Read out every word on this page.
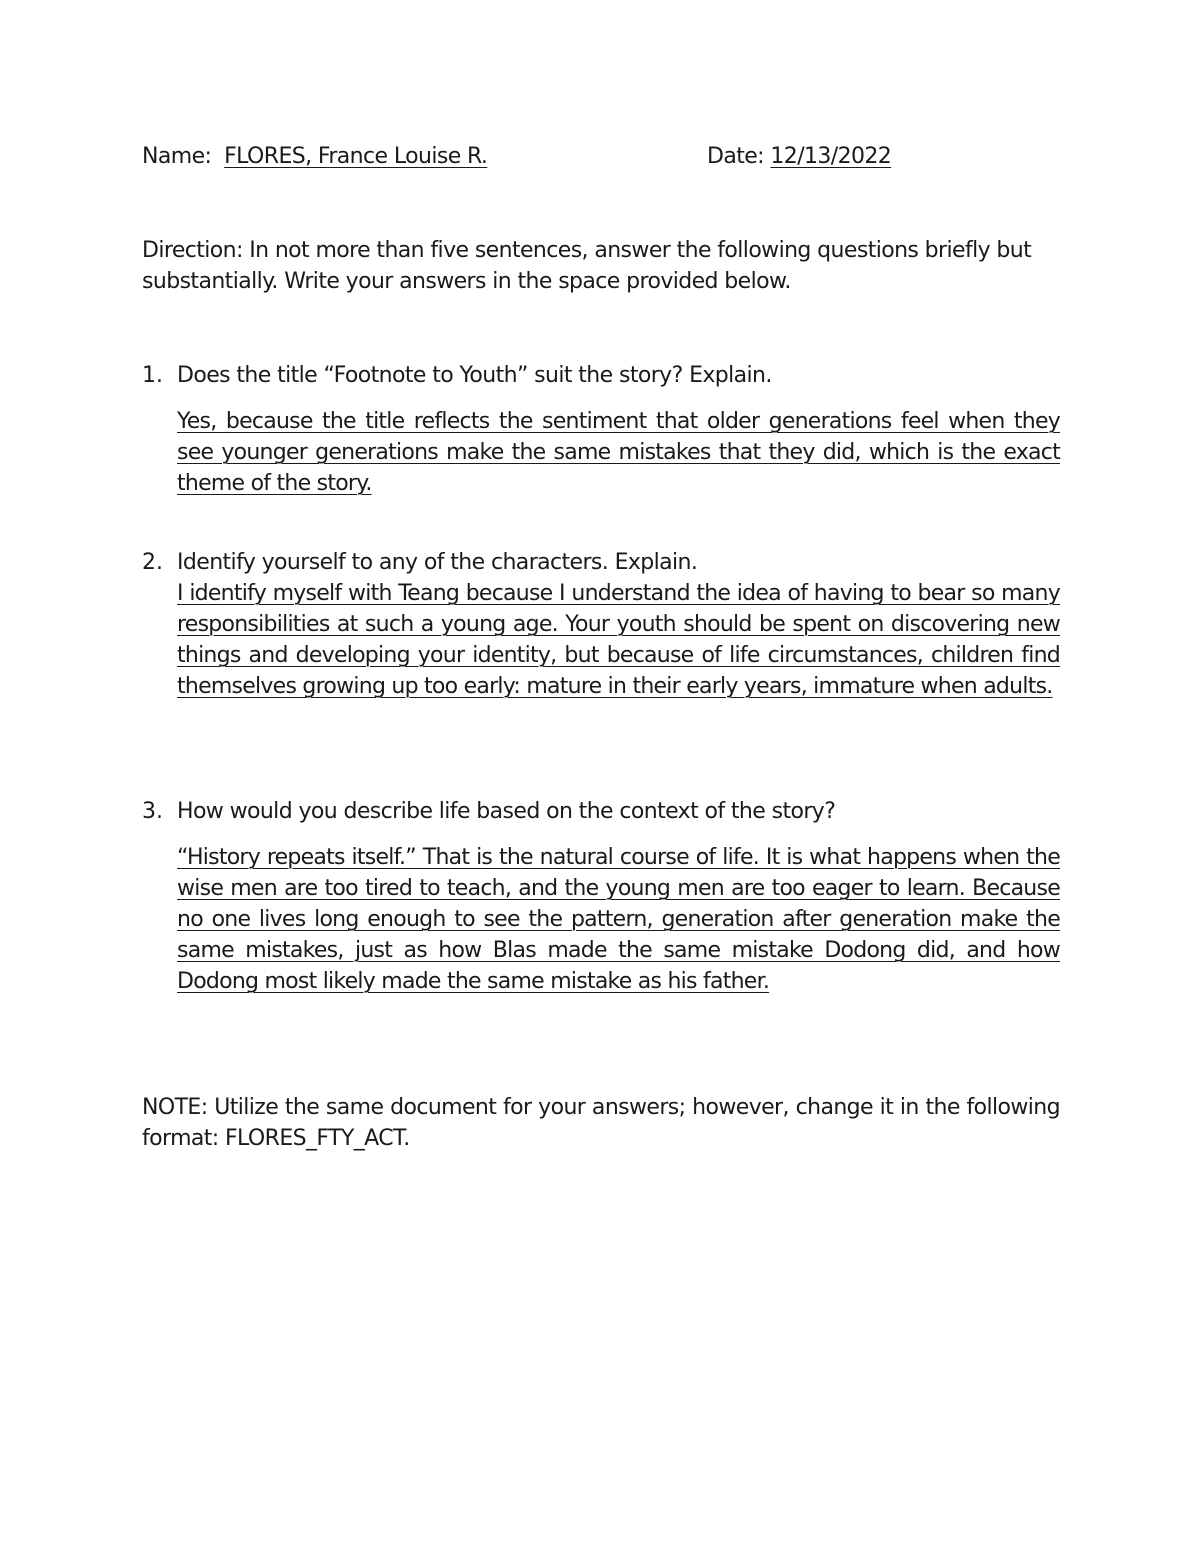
Name: FLORES, France Louise R.	Date: 12/13/2022
Direction: In not more than five sentences, answer the following questions briefly but substantially. Write your answers in the space provided below.
1. Does the title “Footnote to Youth” suit the story? Explain.
Yes, because the title reflects the sentiment that older generations feel when they see younger generations make the same mistakes that they did, which is the exact theme of the story.
2. Identify yourself to any of the characters. Explain.
I identify myself with Teang because I understand the idea of having to bear so many responsibilities at such a young age. Your youth should be spent on discovering new things and developing your identity, but because of life circumstances, children find themselves growing up too early: mature in their early years, immature when adults.
3. How would you describe life based on the context of the story?
“History repeats itself.” That is the natural course of life. It is what happens when the wise men are too tired to teach, and the young men are too eager to learn. Because no one lives long enough to see the pattern, generation after generation make the same mistakes, just as how Blas made the same mistake Dodong did, and how Dodong most likely made the same mistake as his father.
NOTE: Utilize the same document for your answers; however, change it in the following format: FLORES_FTY_ACT.
